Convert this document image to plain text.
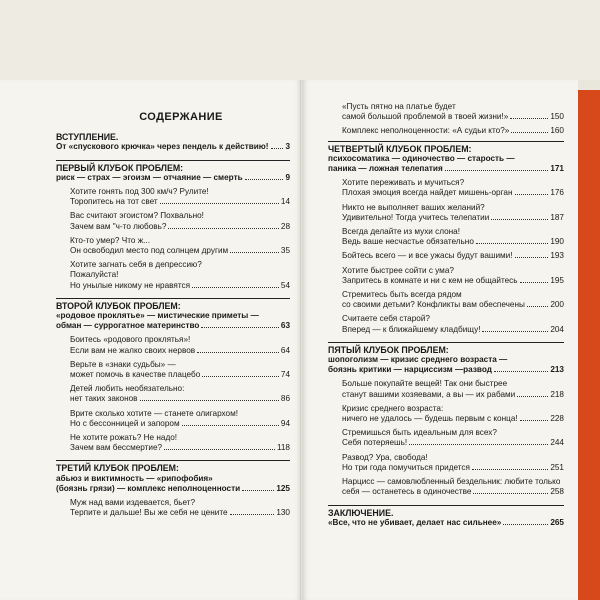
СОДЕРЖАНИЕ
ВСТУПЛЕНИЕ.
От «спускового крючка» через пендель к действию! 3
ПЕРВЫЙ КЛУБОК ПРОБЛЕМ:
риск — страх — эгоизм — отчаяние — смерть	9
Хотите гонять под 300 км/ч? Рулите!
Торопитесь на тот свет	14
Вас считают эгоистом? Похвально!
Зачем вам "ч-то любовь?	28
Кто-то умер? Что ж...
Он освободил место под солнцем другим	35
Хотите загнать себя в депрессию?
Пожалуйста!
Но унылые никому не нравятся	54
ВТОРОЙ КЛУБОК ПРОБЛЕМ:
«родовое проклятье» — мистические приметы —
обман — суррогатное материнство	63
Боитесь «родового проклятья»!
Если вам не жалко своих нервов	64
Верьте в «знаки судьбы» —
может помочь в качестве плацебо	74
Детей любить необязательно:
нет таких законов	86
Врите сколько хотите — станете олигархом!
Но с бессонницей и запором	94
Не хотите рожать? Не надо!
Зачем вам бессмертие?	118
ТРЕТИЙ КЛУБОК ПРОБЛЕМ:
абьюз и виктимность — «рипофобия»
(боязнь грязи) — комплекс неполноценности	125
Муж над вами издевается, бьет?
Терпите и дальше! Вы же себя не цените	130
«Пусть пятно на платье будет
самой большой проблемой в твоей жизни!»	150
Комплекс неполноценности: «А судьи кто?»	160
ЧЕТВЕРТЫЙ КЛУБОК ПРОБЛЕМ:
психосоматика — одиночество — старость —
паника — ложная телепатия	171
Хотите переживать и мучиться?
Плохая эмоция всегда найдет мишень-орган	176
Никто не выполняет ваших желаний?
Удивительно! Тогда учитесь телепатии	187
Всегда делайте из мухи слона!
Ведь ваше несчастье обязательно	190
Бойтесь всего — и все ужасы будут вашими!	193
Хотите быстрее сойти с ума?
Запритесь в комнате и ни с кем не общайтесь	195
Стремитесь быть всегда рядом
со своими детьми? Конфликты вам обеспечены	200
Считаете себя старой?
Вперед — к ближайшему кладбищу!	204
ПЯТЫЙ КЛУБОК ПРОБЛЕМ:
шопоголизм — кризис среднего возраста —
боязнь критики — нарциссизм —развод	213
Больше покупайте вещей! Так они быстрее
станут вашими хозяевами, а вы — их рабами	218
Кризис среднего возраста:
ничего не удалось — будешь первым с конца!	228
Стремишься быть идеальным для всех?
Себя потеряешь!	244
Развод? Ура, свобода!
Но три года помучиться придется	251
Нарцисс — самовлюбленный бездельник: любите только
себя — останетесь в одиночестве	258
ЗАКЛЮЧЕНИЕ.
«Все, что не убивает, делает нас сильнее»	265
